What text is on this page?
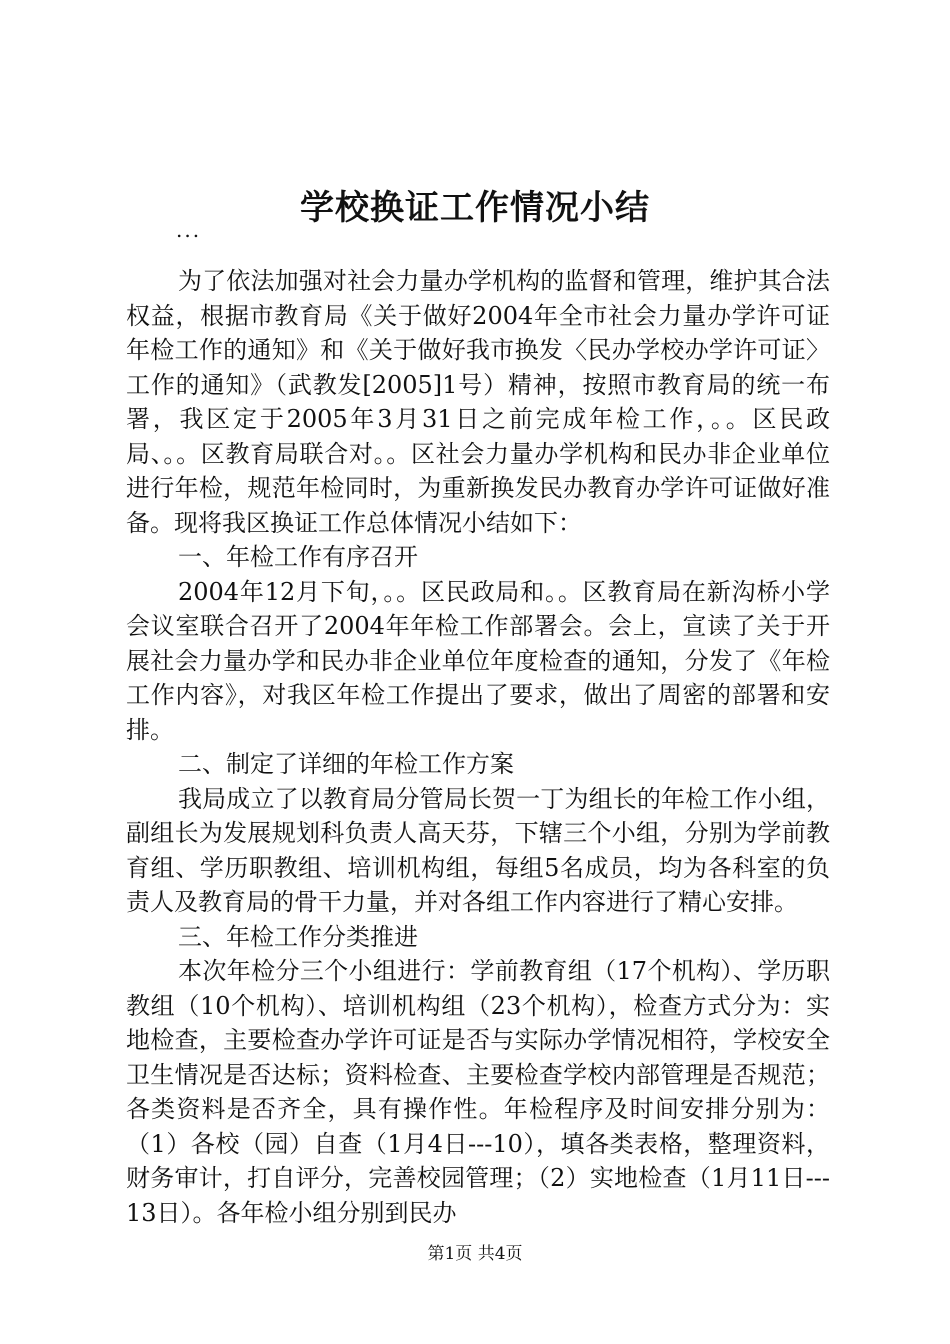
学校换证工作情况小结
...

为了依法加强对社会力量办学机构的监督和管理，维护其合法权益，根据市教育局《关于做好2004年全市社会力量办学许可证年检工作的通知》和《关于做好我市换发〈民办学校办学许可证〉工作的通知》（武教发[2005]1号）精神，按照市教育局的统一布署，我区定于2005年3月31日之前完成年检工作，。。区民政局、。。区教育局联合对。。区社会力量办学机构和民办非企业单位进行年检，规范年检同时，为重新换发民办教育办学许可证做好准备。现将我区换证工作总体情况小结如下：

一、年检工作有序召开

2004年12月下旬，。。区民政局和。。区教育局在新沟桥小学会议室联合召开了2004年年检工作部署会。会上，宣读了关于开展社会力量办学和民办非企业单位年度检查的通知，分发了《年检工作内容》，对我区年检工作提出了要求，做出了周密的部署和安排。

二、制定了详细的年检工作方案

我局成立了以教育局分管局长贺一丁为组长的年检工作小组，副组长为发展规划科负责人高天芬，下辖三个小组，分别为学前教育组、学历职教组、培训机构组，每组5名成员，均为各科室的负责人及教育局的骨干力量，并对各组工作内容进行了精心安排。

三、年检工作分类推进

本次年检分三个小组进行：学前教育组（17个机构）、学历职教组（10个机构）、培训机构组（23个机构），检查方式分为：实地检查，主要检查办学许可证是否与实际办学情况相符，学校安全卫生情况是否达标；资料检查、主要检查学校内部管理是否规范；各类资料是否齐全，具有操作性。年检程序及时间安排分别为：（1）各校（园）自查（1月4日---10），填各类表格，整理资料，财务审计，打自评分，完善校园管理；（2）实地检查（1月11日---13日）。各年检小组分别到民办

第1页 共4页
